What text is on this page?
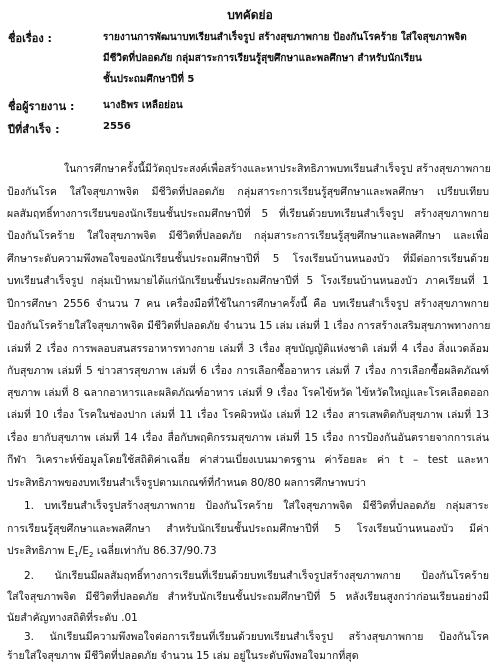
บทคัดย่อ
ชื่อเรื่อง :	รายงานการพัฒนาบทเรียนสำเร็จรูป สร้างสุขภาพกาย ป้องกันโรคร้าย ใส่ใจสุขภาพจิต
มีชีวิตที่ปลอดภัย กลุ่มสาระการเรียนรู้สุขศึกษาและพลศึกษา สำหรับนักเรียน
ชั้นประถมศึกษาปีที่ 5
ชื่อผู้รายงาน :	นางธิพร เหลือย่อน
ปีที่สำเร็จ :	2556
ในการศึกษาครั้งนี้มีวัตถุประสงค์เพื่อสร้างและหาประสิทธิภาพบทเรียนสำเร็จรูป สร้างสุขภาพกาย
ป้องกันโรค ใส่ใจสุขภาพจิต มีชีวิตที่ปลอดภัย กลุ่มสาระการเรียนรู้สุขศึกษาและพลศึกษา เปรียบเทียบ
ผลสัมฤทธิ์ทางการเรียนของนักเรียนชั้นประถมศึกษาปีที่ 5 ที่เรียนด้วยบทเรียนสำเร็จรูป สร้างสุขภาพกาย
ป้องกันโรคร้าย ใส่ใจสุขภาพจิต มีชีวิตที่ปลอดภัย กลุ่มสาระการเรียนรู้สุขศึกษาและพลศึกษา และเพื่อ
ศึกษาระดับความพึงพอใจของนักเรียนชั้นประถมศึกษาปีที่ 5 โรงเรียนบ้านหนองบัว ที่มีต่อการเรียนด้วย
บทเรียนสำเร็จรูป กลุ่มเป้าหมายได้แก่นักเรียนชั้นประถมศึกษาปีที่ 5 โรงเรียนบ้านหนองบัว ภาคเรียนที่ 1
ปีการศึกษา 2556 จำนวน 7 คน เครื่องมือที่ใช้ในการศึกษาครั้งนี้ คือ บทเรียนสำเร็จรูป สร้างสุขภาพกาย
ป้องกันโรคร้ายใส่ใจสุขภาพจิต มีชีวิตที่ปลอดภัย จำนวน 15 เล่ม เล่มที่ 1 เรื่อง การสร้างเสริมสุขภาพทางกาย
เล่มที่ 2 เรื่อง การพลอบสนสรรอาหารทางกาย เล่มที่ 3 เรื่อง สุขบัญญัติแห่งชาติ เล่มที่ 4 เรื่อง สิ่งแวดล้อม
กับสุขภาพ เล่มที่ 5 ข่าวสารสุขภาพ เล่มที่ 6 เรื่อง การเลือกซื้ออาหาร เล่มที่ 7 เรื่อง การเลือกซื้อผลิตภัณฑ์
สุขภาพ เล่มที่ 8 ฉลากอาหารและผลิตภัณฑ์อาหาร เล่มที่ 9 เรื่อง โรคไข้หวัด ไข้หวัดใหญ่และโรคเลือดออก
เล่มที่ 10 เรื่อง โรคในช่องปาก เล่มที่ 11 เรื่อง โรคผิวหนัง เล่มที่ 12 เรื่อง สารเสพติดกับสุขภาพ เล่มที่ 13
เรื่อง ยากับสุขภาพ เล่มที่ 14 เรื่อง สื่อกับพฤติกรรมสุขภาพ เล่มที่ 15 เรื่อง การป้องกันอันตรายจากการเล่น
กีฬา วิเคราะห์ข้อมูลโดยใช้สถิติค่าเฉลี่ย ค่าส่วนเบี่ยงเบนมาตรฐาน ค่าร้อยละ ค่า t – test และหา
ประสิทธิภาพของบทเรียนสำเร็จรูปตามเกณฑ์ที่กำหนด 80/80 ผลการศึกษาพบว่า
1. บทเรียนสำเร็จรูปสร้างสุขภาพกาย ป้องกันโรคร้าย ใส่ใจสุขภาพจิต มีชีวิตที่ปลอดภัย กลุ่มสาระ
การเรียนรู้สุขศึกษาและพลศึกษา สำหรับนักเรียนชั้นประถมศึกษาปีที่ 5 โรงเรียนบ้านหนองบัว มีค่า
ประสิทธิภาพ $E_1/E_2$ เฉลี่ยเท่ากับ 86.37/90.73
2. นักเรียนมีผลสัมฤทธิ์ทางการเรียนที่เรียนด้วยบทเรียนสำเร็จรูปสร้างสุขภาพกาย ป้องกันโรคร้าย
ใส่ใจสุขภาพจิต มีชีวิตที่ปลอดภัย สำหรับนักเรียนชั้นประถมศึกษาปีที่ 5 หลังเรียนสูงกว่าก่อนเรียนอย่างมี
นัยสำคัญทางสถิติที่ระดับ .01
3. นักเรียนมีความพึงพอใจต่อการเรียนที่เรียนด้วยบทเรียนสำเร็จรูป สร้างสุขภาพกาย ป้องกันโรค
ร้ายใส่ใจสุขภาพ มีชีวิตที่ปลอดภัย จำนวน 15 เล่ม อยู่ในระดับพึงพอใจมากที่สุด
